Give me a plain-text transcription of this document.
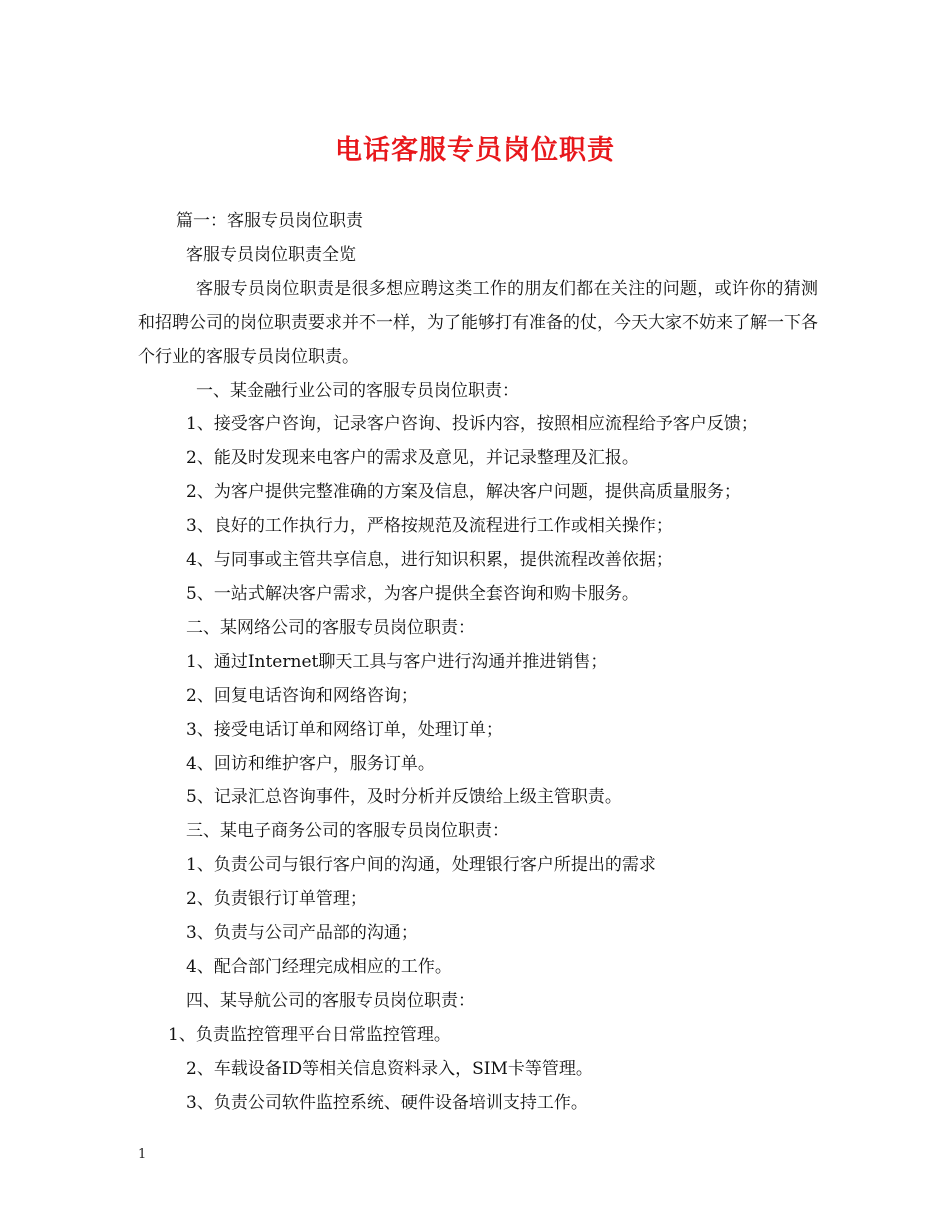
电话客服专员岗位职责
篇一：客服专员岗位职责
客服专员岗位职责全览
客服专员岗位职责是很多想应聘这类工作的朋友们都在关注的问题，或许你的猜测和招聘公司的岗位职责要求并不一样，为了能够打有准备的仗，今天大家不妨来了解一下各个行业的客服专员岗位职责。
一、某金融行业公司的客服专员岗位职责：
1、接受客户咨询，记录客户咨询、投诉内容，按照相应流程给予客户反馈；
2、能及时发现来电客户的需求及意见，并记录整理及汇报。
2、为客户提供完整准确的方案及信息，解决客户问题，提供高质量服务；
3、良好的工作执行力，严格按规范及流程进行工作或相关操作；
4、与同事或主管共享信息，进行知识积累，提供流程改善依据；
5、一站式解决客户需求，为客户提供全套咨询和购卡服务。
二、某网络公司的客服专员岗位职责：
1、通过Internet聊天工具与客户进行沟通并推进销售；
2、回复电话咨询和网络咨询；
3、接受电话订单和网络订单，处理订单；
4、回访和维护客户，服务订单。
5、记录汇总咨询事件，及时分析并反馈给上级主管职责。
三、某电子商务公司的客服专员岗位职责：
1、负责公司与银行客户间的沟通，处理银行客户所提出的需求
2、负责银行订单管理；
3、负责与公司产品部的沟通；
4、配合部门经理完成相应的工作。
四、某导航公司的客服专员岗位职责：
1、负责监控管理平台日常监控管理。
2、车载设备ID等相关信息资料录入，SIM卡等管理。
3、负责公司软件监控系统、硬件设备培训支持工作。
1
